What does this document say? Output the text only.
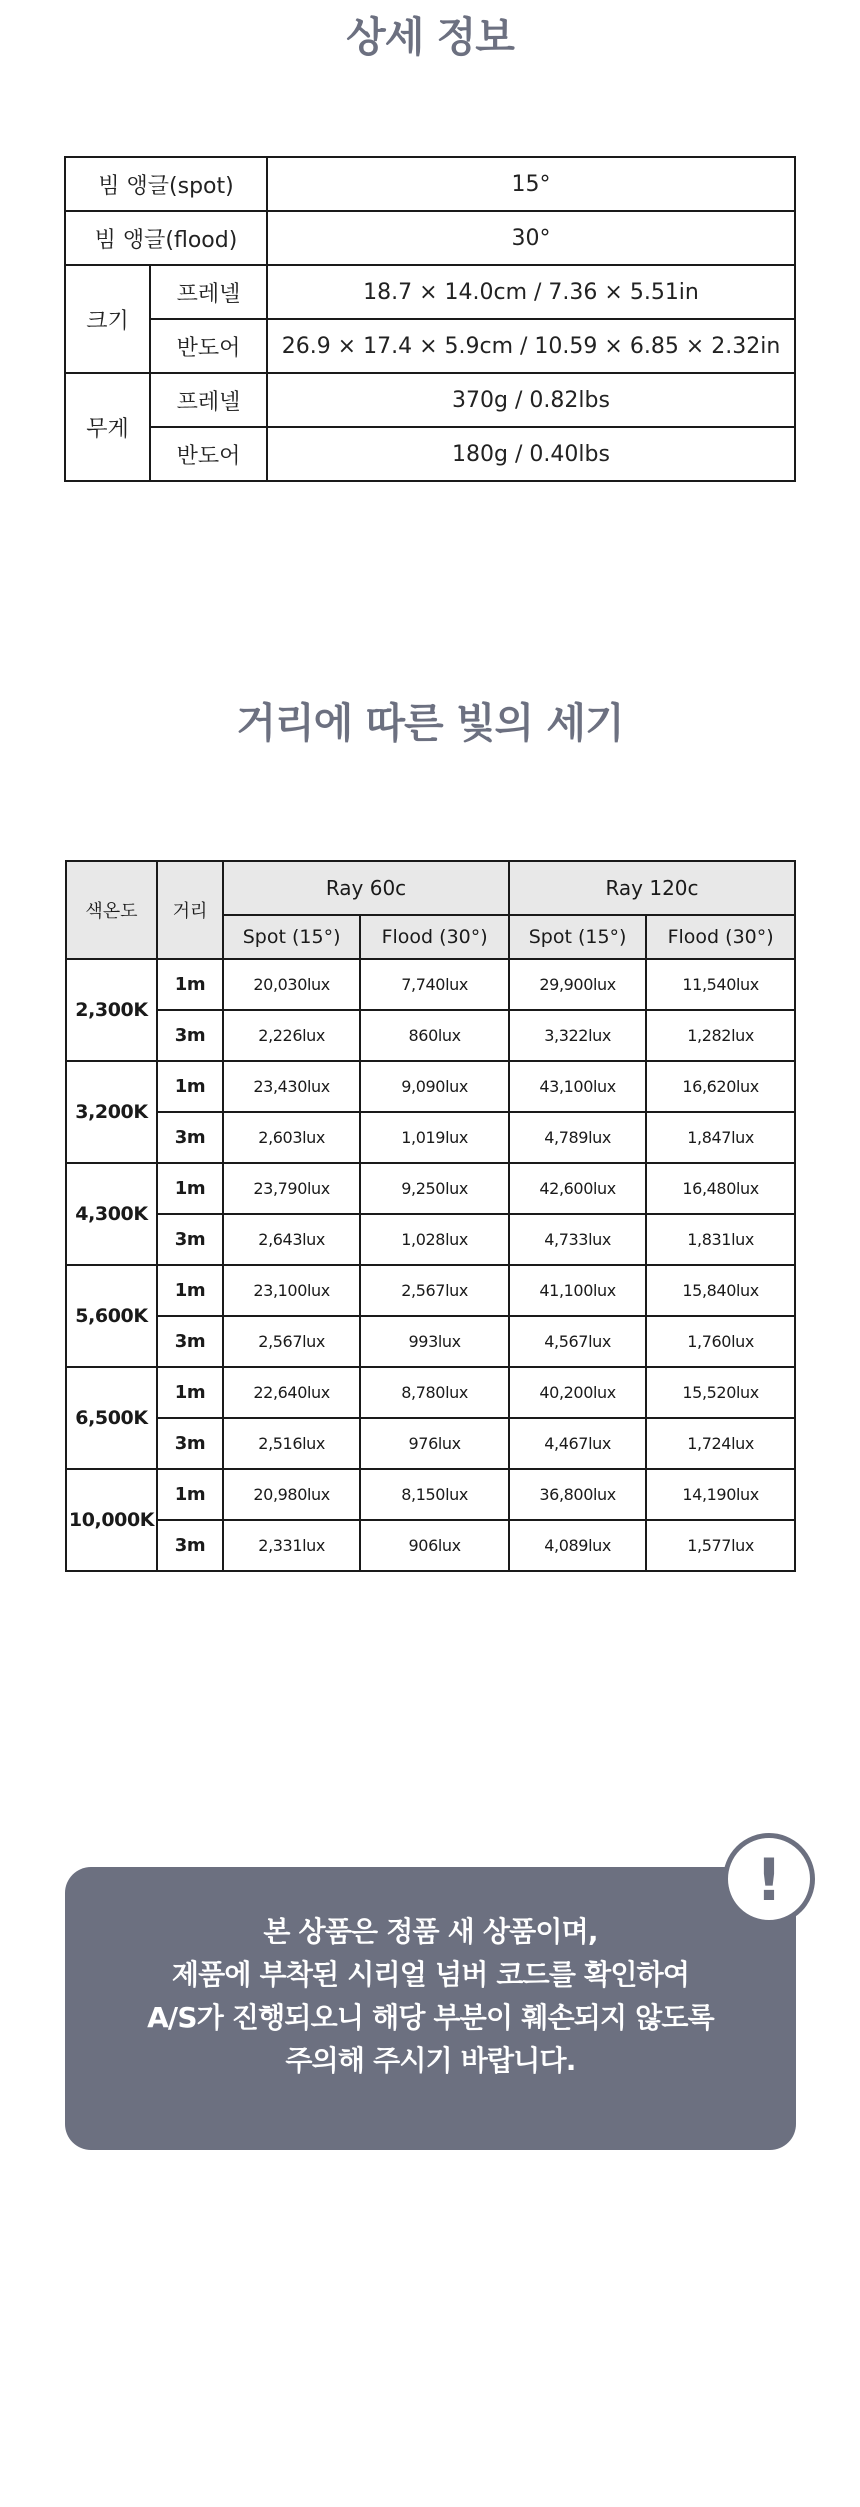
상세 정보
빔 앵글(spot)		15°
빔 앵글(flood)		30°
크기	프레넬	18.7 × 14.0cm / 7.36 × 5.51in
	반도어	26.9 × 17.4 × 5.9cm / 10.59 × 6.85 × 2.32in
무게	프레넬	370g / 0.82lbs
	반도어	180g / 0.40lbs
거리에 따른 빛의 세기
색온도	거리	Ray 60c		Ray 120c	
		Spot (15°)	Flood (30°)	Spot (15°)	Flood (30°)
2,300K	1m	20,030lux	7,740lux	29,900lux	11,540lux
	3m	2,226lux	860lux	3,322lux	1,282lux
3,200K	1m	23,430lux	9,090lux	43,100lux	16,620lux
	3m	2,603lux	1,019lux	4,789lux	1,847lux
4,300K	1m	23,790lux	9,250lux	42,600lux	16,480lux
	3m	2,643lux	1,028lux	4,733lux	1,831lux
5,600K	1m	23,100lux	2,567lux	41,100lux	15,840lux
	3m	2,567lux	993lux	4,567lux	1,760lux
6,500K	1m	22,640lux	8,780lux	40,200lux	15,520lux
	3m	2,516lux	976lux	4,467lux	1,724lux
10,000K	1m	20,980lux	8,150lux	36,800lux	14,190lux
	3m	2,331lux	906lux	4,089lux	1,577lux
본 상품은 정품 새 상품이며,
제품에 부착된 시리얼 넘버 코드를 확인하여
A/S가 진행되오니 해당 부분이 훼손되지 않도록
주의해 주시기 바랍니다.
!
